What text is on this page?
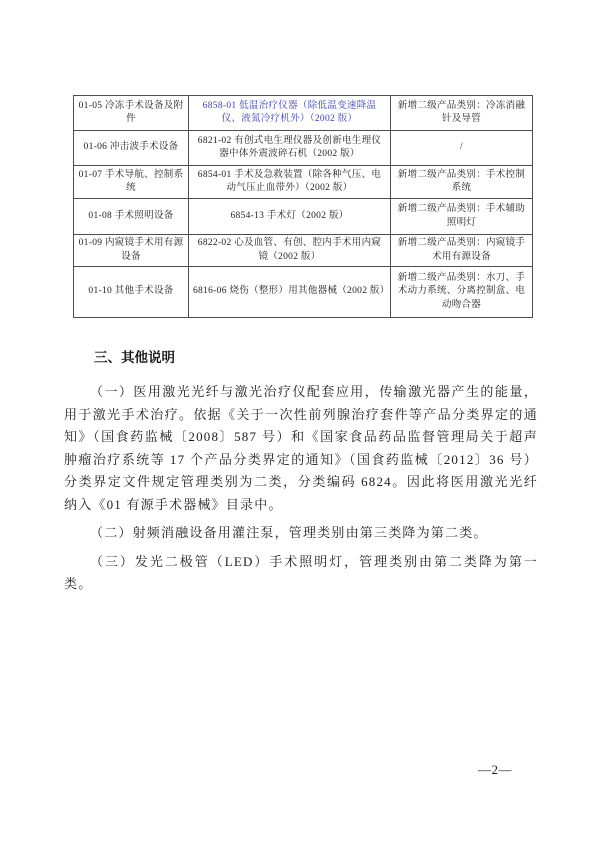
01-05 冷冻手术设备及附件	6858-01 低温治疗仪器（除低温变速降温仪、液氮冷疗机外）（2002 版）	新增二级产品类别：冷冻消融针及导管
01-06 冲击波手术设备	6821-02 有创式电生理仪器及创新电生理仪器中体外震波碎石机（2002 版）	/
01-07 手术导航、控制系统	6854-01 手术及急救装置（除各种气压、电动气压止血带外）（2002 版）	新增二级产品类别：手术控制系统
01-08 手术照明设备	6854-13 手术灯（2002 版）	新增二级产品类别：手术辅助照明灯
01-09 内窥镜手术用有源设备	6822-02 心及血管、有创、腔内手术用内窥镜（2002 版）	新增二级产品类别：内窥镜手术用有源设备
01-10 其他手术设备	6816-06 烧伤（整形）用其他器械（2002 版）	新增二级产品类别：水刀、手术动力系统、分离控制盒、电动吻合器
三、其他说明

（一）医用激光光纤与激光治疗仪配套应用，传输激光器产生的能量，用于激光手术治疗。依据《关于一次性前列腺治疗套件等产品分类界定的通知》（国食药监械〔2008〕587 号）和《国家食品药品监督管理局关于超声肿瘤治疗系统等 17 个产品分类界定的通知》（国食药监械〔2012〕36 号）分类界定文件规定管理类别为二类，分类编码 6824。因此将医用激光光纤纳入《01 有源手术器械》目录中。

（二）射频消融设备用灌注泵，管理类别由第三类降为第二类。

（三）发光二极管（LED）手术照明灯，管理类别由第二类降为第一类。

—2—
